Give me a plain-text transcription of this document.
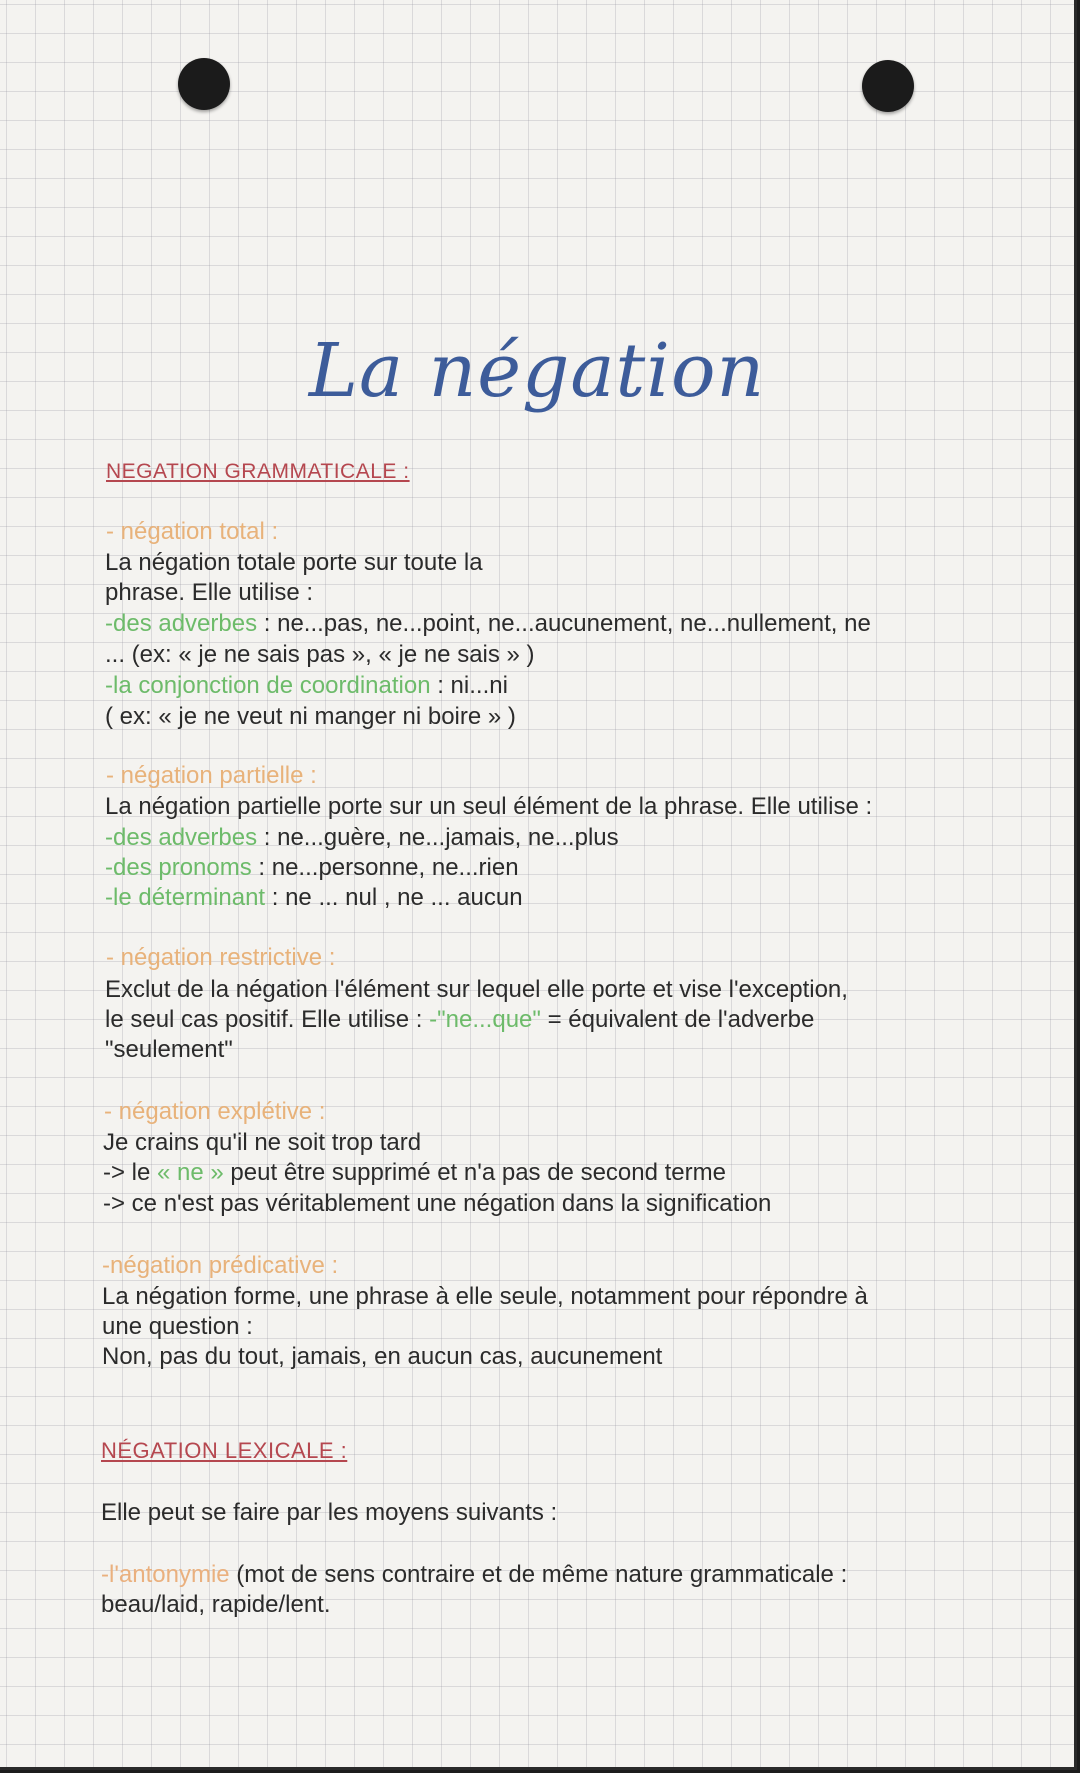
La négation
NEGATION GRAMMATICALE :
- négation total :
La négation totale porte sur toute la
phrase. Elle utilise :
-des adverbes : ne...pas, ne...point, ne...aucunement, ne...nullement, ne
... (ex: « je ne sais pas », « je ne sais » )
-la conjonction de coordination : ni...ni
( ex: « je ne veut ni manger ni boire » )
- négation partielle :
La négation partielle porte sur un seul élément de la phrase. Elle utilise :
-des adverbes : ne...guère, ne...jamais, ne...plus
-des pronoms : ne...personne, ne...rien
-le déterminant : ne ... nul , ne ... aucun
- négation restrictive :
Exclut de la négation l'élément sur lequel elle porte et vise l'exception,
le seul cas positif. Elle utilise : -"ne...que" = équivalent de l'adverbe
"seulement"
- négation explétive :
Je crains qu'il ne soit trop tard
-> le « ne » peut être supprimé et n'a pas de second terme
-> ce n'est pas véritablement une négation dans la signification
-négation prédicative :
La négation forme, une phrase à elle seule, notamment pour répondre à
une question :
Non, pas du tout, jamais, en aucun cas, aucunement
NÉGATION LEXICALE :
Elle peut se faire par les moyens suivants :
-l'antonymie (mot de sens contraire et de même nature grammaticale :
beau/laid, rapide/lent.
